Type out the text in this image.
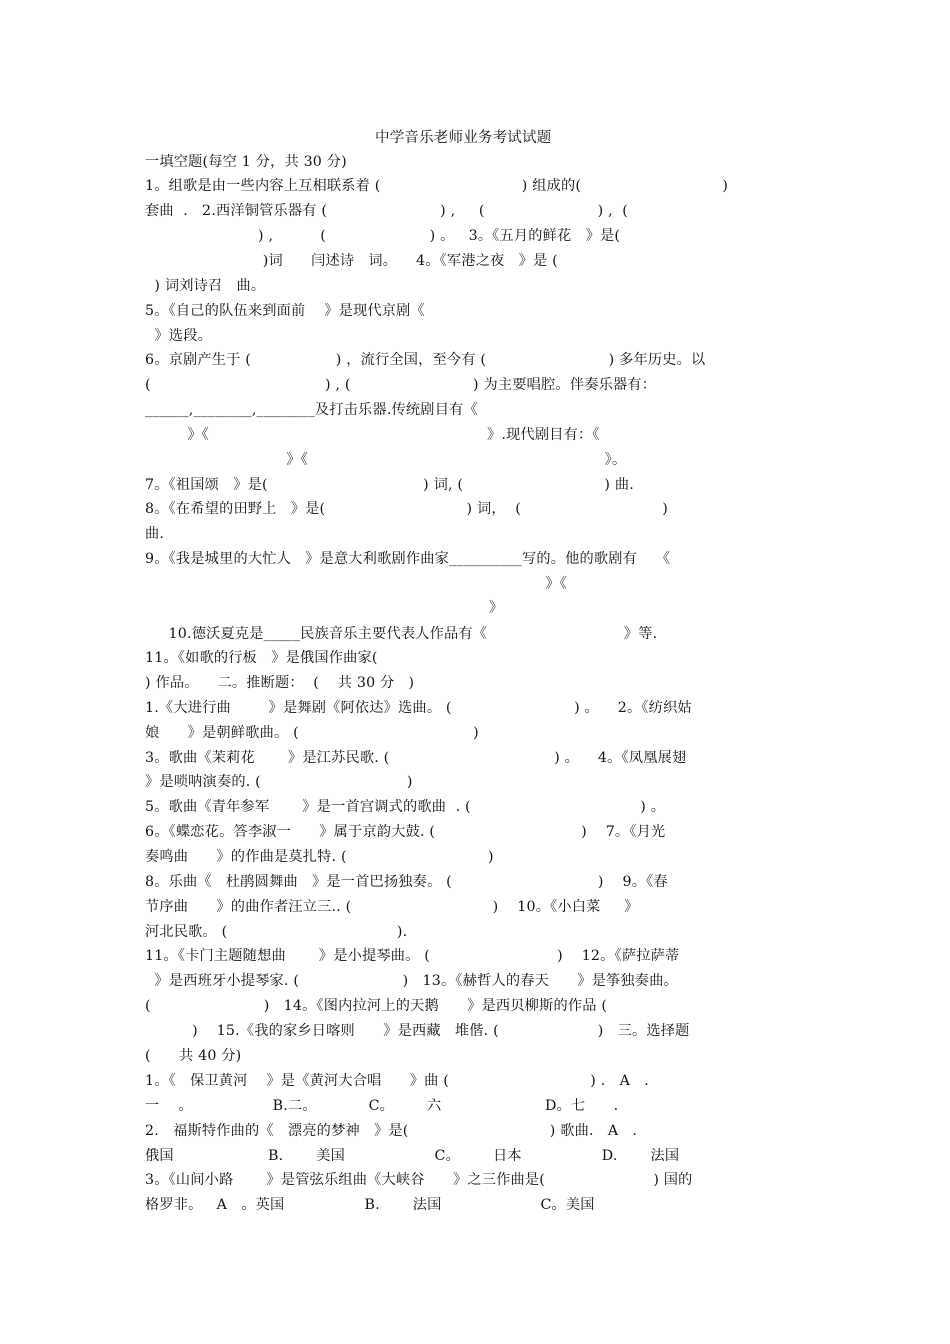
中学音乐老师业务考试试题
一填空题(每空 1 分，共 30 分)
1。组歌是由一些内容上互相联系着 (                              ) 组成的(                              )
套曲  .   2.西洋铜管乐器有 (                        ) ,     (                        ) ,  (
) ,          (                      ) 。   3。《五月的鲜花   》是(
)词      闫述诗   词。    4。《军港之夜   》是 (
) 词刘诗召   曲。
5。《自己的队伍来到面前    》是现代京剧《
》选段。
6。京剧产生于 (                  ) ，流行全国，至今有 (                          ) 多年历史。以
(                                     ) , (                          ) 为主要唱腔。伴奏乐器有：
______,________,________及打击乐器.传统剧目有《
》《                                                           》.现代剧目有：《
》《                                                               》。
7。《祖国颂   》是(                                 ) 词, (                              ) 曲.
8。《在希望的田野上   》是(                              ) 词，  (                              )
曲.
9。《我是城里的大忙人   》是意大利歌剧作曲家__________写的。他的歌剧有    《
》《
》
10.德沃夏克是_____民族音乐主要代表人作品有《                             》等.
11。《如歌的行板   》是俄国作曲家(
) 作品。    二。推断题：  (    共 30 分   )
1.《大进行曲        》是舞剧《阿依达》选曲。 (                          ) 。    2。《纺织姑
娘      》是朝鲜歌曲。 (                                     )
3。歌曲《茉莉花       》是江苏民歌. (                                   ) 。    4。《凤凰展翅
》是唢呐演奏的. (                               )
5。歌曲《青年参军       》是一首宫调式的歌曲  . (                                    ) 。
6。《蝶恋花。答李淑一      》属于京韵大鼓. (                               )    7。《月光
奏鸣曲      》的作曲是莫扎特. (                              )
8。乐曲《   杜鹃圆舞曲   》是一首巴扬独奏。 (                               )    9。《春
节序曲      》的曲作者汪立三.. (                              )    10。《小白菜     》
河北民歌。 (                                    ).
11。《卡门主题随想曲       》是小提琴曲。 (                           )    12。《萨拉萨蒂
》是西班牙小提琴家. (                      )   13。《赫哲人的春天      》是筝独奏曲。
(                        )   14。《图内拉河上的天鹅      》是西贝柳斯的作品 (
)    15.《我的家乡日喀则      》是西藏   堆偕. (                     )   三。选择题
(      共 40 分)
1。《   保卫黄河    》是《黄河大合唱      》曲 (                              ) .   A   .
一    。                 B.二。           C。       六                      D。七      .
2.   福斯特作曲的《   漂亮的梦神   》是(                              ) 歌曲.   A   .
俄国                    B.       美国                   C。       日本                 D.       法国
3。《山间小路       》是管弦乐组曲《大峡谷      》之三作曲是(                       ) 国的
格罗非。   A   。英国                 B.       法国                     C。美国
